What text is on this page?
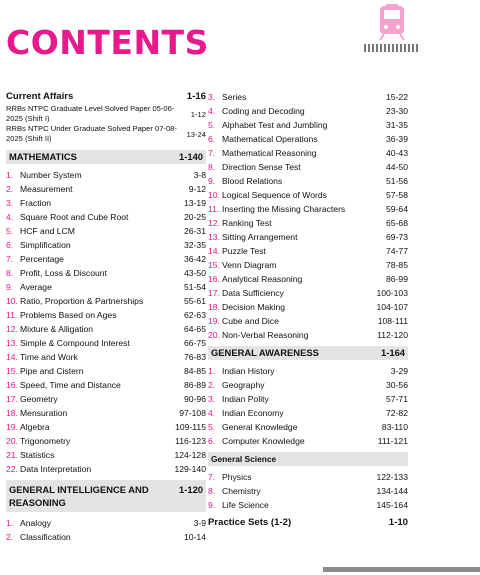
CONTENTS
Current Affairs	1-16
RRBs NTPC Graduate Level Solved Paper 05-06-2025 (Shift I)	1-12
RRBs NTPC Under Graduate Solved Paper 07-08-2025 (Shift II)	13-24
MATHEMATICS	1-140
1. Number System	3-8
2. Measurement	9-12
3. Fraction	13-19
4. Square Root and Cube Root	20-25
5. HCF and LCM	26-31
6. Simplification	32-35
7. Percentage	36-42
8. Profit, Loss & Discount	43-50
9. Average	51-54
10. Ratio, Proportion & Partnerships	55-61
11. Problems Based on Ages	62-63
12. Mixture & Alligation	64-65
13. Simple & Compound Interest	66-75
14. Time and Work	76-83
15. Pipe and Cistern	84-85
16. Speed, Time and Distance	86-89
17. Geometry	90-96
18. Mensuration	97-108
19. Algebra	109-115
20. Trigonometry	116-123
21. Statistics	124-128
22. Data Interpretation	129-140
GENERAL INTELLIGENCE AND REASONING
1-120
1. Analogy	3-9
2. Classification	10-14
3. Series	15-22
4. Coding and Decoding	23-30
5. Alphabet Test and Jumbling	31-35
6. Mathematical Operations	36-39
7. Mathematical Reasoning	40-43
8. Direction Sense Test	44-50
9. Blood Relations	51-56
10. Logical Sequence of Words	57-58
11. Inserting the Missing Characters	59-64
12. Ranking Test	65-68
13. Sitting Arrangement	69-73
14. Puzzle Test	74-77
15. Venn Diagram	78-85
16. Analytical Reasoning	86-99
17. Data Sufficiency	100-103
18. Decision Making	104-107
19. Cube and Dice	108-111
20. Non-Verbal Reasoning	112-120
GENERAL AWARENESS	1-164
1. Indian History	3-29
2. Geography	30-56
3. Indian Polity	57-71
4. Indian Economy	72-82
5. General Knowledge	83-110
6. Computer Knowledge	111-121
General Science
7. Physics	122-133
8. Chemistry	134-144
9. Life Science	145-164
Practice Sets (1-2)	1-10
